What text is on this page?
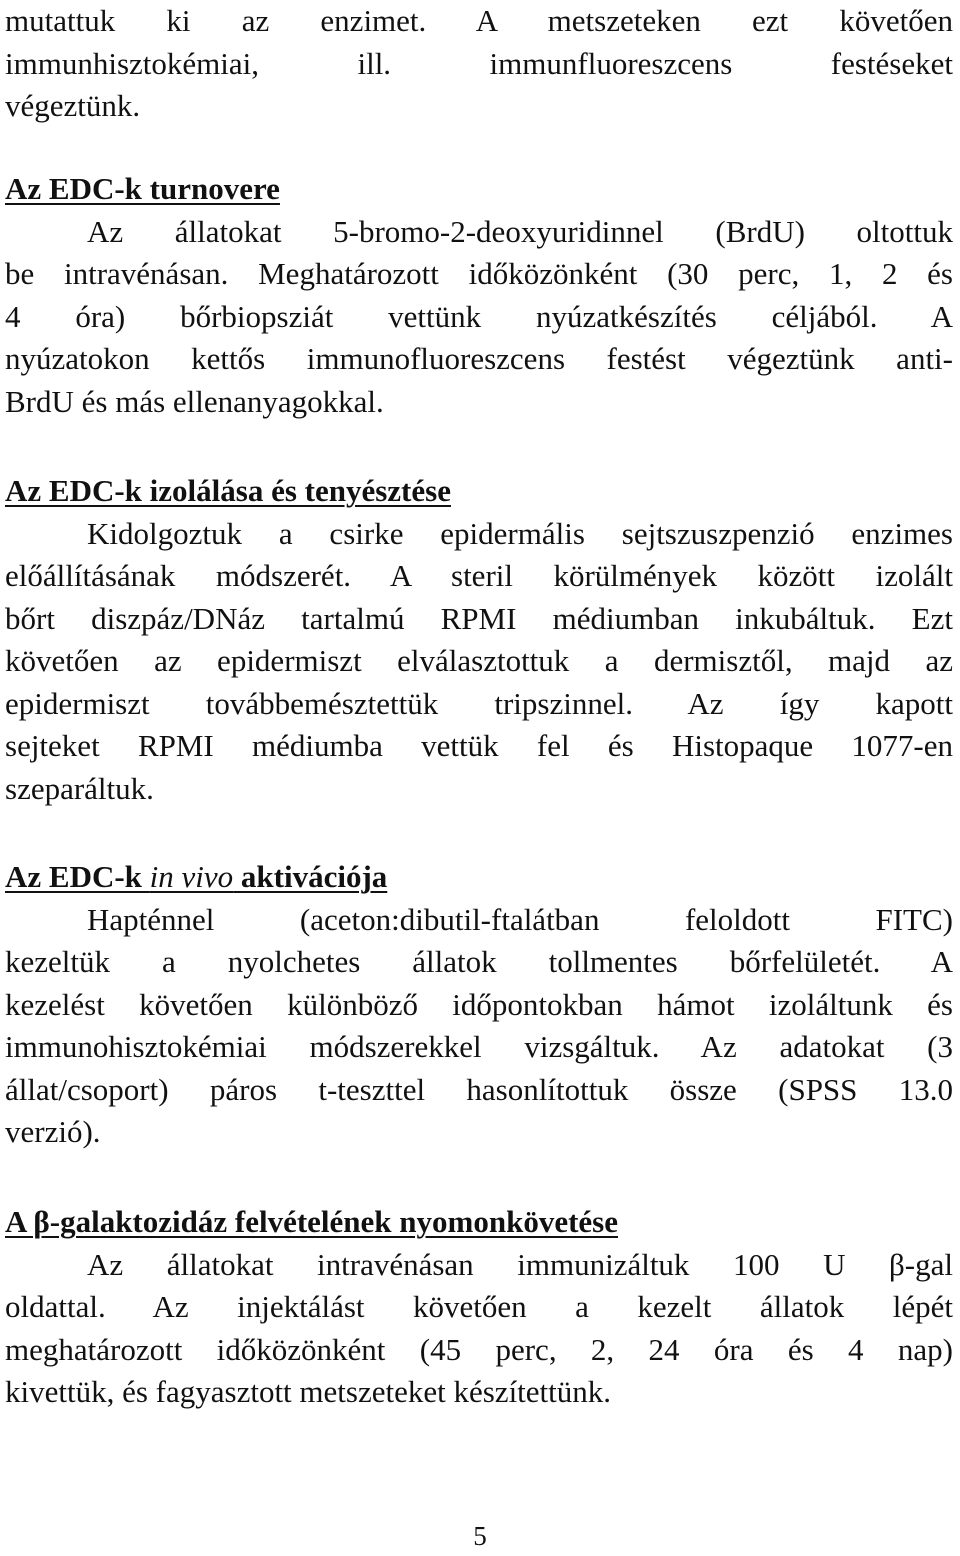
mutattuk ki az enzimet. A metszeteken ezt követően
immunhisztokémiai, ill. immunfluoreszcens festéseket
végeztünk.
Az EDC-k turnovere
Az állatokat 5-bromo-2-deoxyuridinnel (BrdU) oltottuk
be intravénásan. Meghatározott időközönként (30 perc, 1, 2 és
4 óra) bőrbiopsziát vettünk nyúzatkészítés céljából. A
nyúzatokon kettős immunofluoreszcens festést végeztünk anti-
BrdU és más ellenanyagokkal.
Az EDC-k izolálása és tenyésztése
Kidolgoztuk a csirke epidermális sejtszuszpenzió enzimes
előállításának módszerét. A steril körülmények között izolált
bőrt diszpáz/DNáz tartalmú RPMI médiumban inkubáltuk. Ezt
követően az epidermiszt elválasztottuk a dermisztől, majd az
epidermiszt továbbemésztettük tripszinnel. Az így kapott
sejteket RPMI médiumba vettük fel és Histopaque 1077-en
szeparáltuk.
Az EDC-k in vivo aktivációja
Hapténnel (aceton:dibutil-ftalátban feloldott FITC)
kezeltük a nyolchetes állatok tollmentes bőrfelületét. A
kezelést követően különböző időpontokban hámot izoláltunk és
immunohisztokémiai módszerekkel vizsgáltuk. Az adatokat (3
állat/csoport) páros t-teszttel hasonlítottuk össze (SPSS 13.0
verzió).
A β-galaktozidáz felvételének nyomonkövetése
Az állatokat intravénásan immunizáltuk 100 U β-gal
oldattal. Az injektálást követően a kezelt állatok lépét
meghatározott időközönként (45 perc, 2, 24 óra és 4 nap)
kivettük, és fagyasztott metszeteket készítettünk.
5
